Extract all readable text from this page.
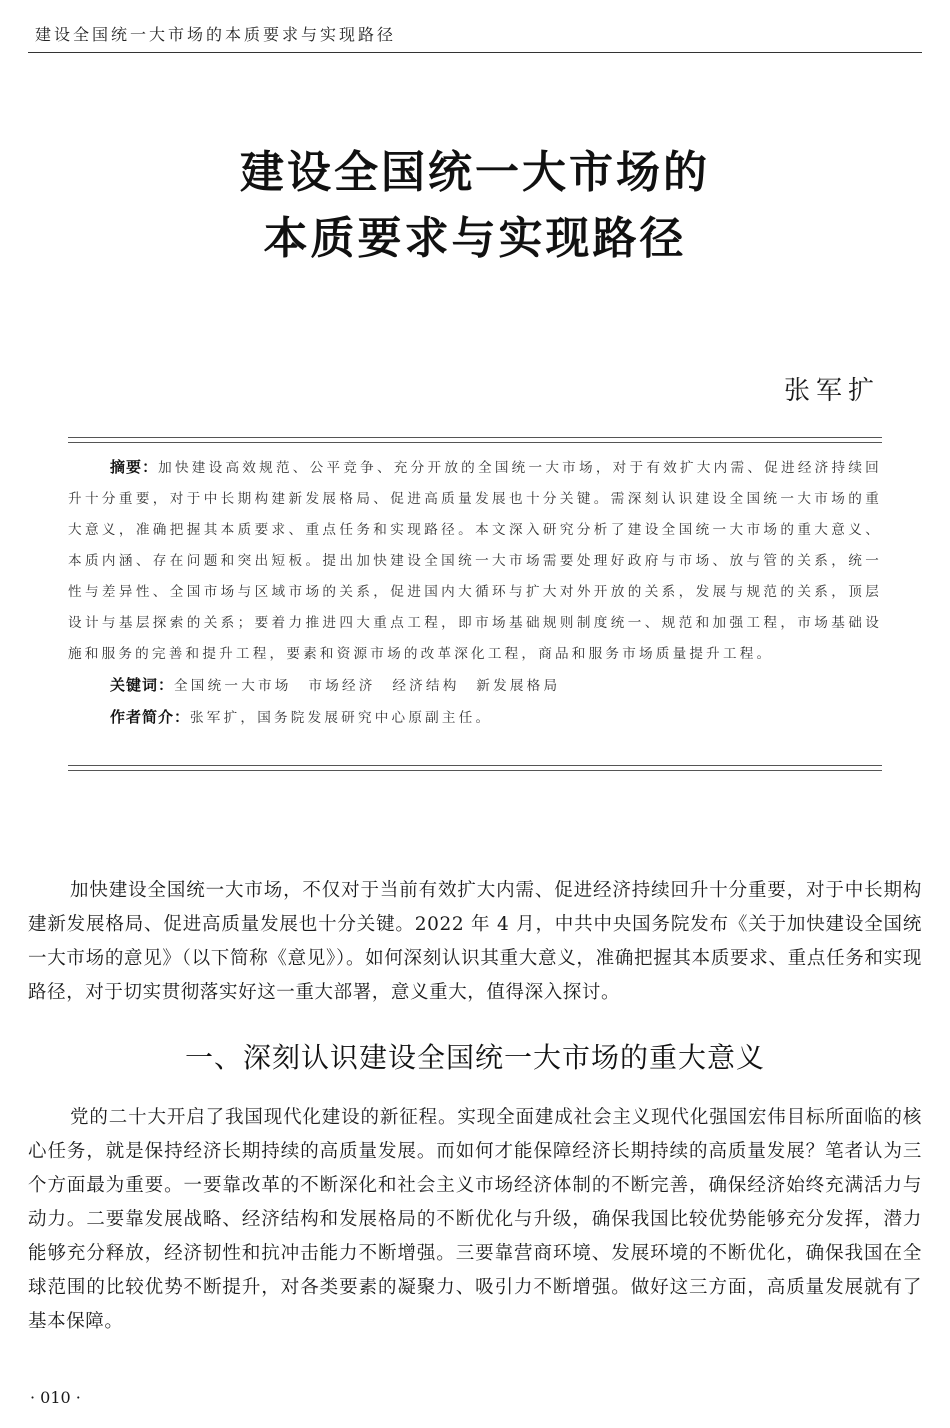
建设全国统一大市场的本质要求与实现路径
建设全国统一大市场的
本质要求与实现路径
张军扩

摘要：加快建设高效规范、公平竞争、充分开放的全国统一大市场，对于有效扩大内需、促进经济持续回升十分重要，对于中长期构建新发展格局、促进高质量发展也十分关键。需深刻认识建设全国统一大市场的重大意义，准确把握其本质要求、重点任务和实现路径。本文深入研究分析了建设全国统一大市场的重大意义、本质内涵、存在问题和突出短板。提出加快建设全国统一大市场需要处理好政府与市场、放与管的关系，统一性与差异性、全国市场与区域市场的关系，促进国内大循环与扩大对外开放的关系，发展与规范的关系，顶层设计与基层探索的关系；要着力推进四大重点工程，即市场基础规则制度统一、规范和加强工程，市场基础设施和服务的完善和提升工程，要素和资源市场的改革深化工程，商品和服务市场质量提升工程。

关键词：全国统一大市场　市场经济　经济结构　新发展格局

作者简介：张军扩，国务院发展研究中心原副主任。

加快建设全国统一大市场，不仅对于当前有效扩大内需、促进经济持续回升十分重要，对于中长期构建新发展格局、促进高质量发展也十分关键。2022 年 4 月，中共中央国务院发布《关于加快建设全国统一大市场的意见》（以下简称《意见》）。如何深刻认识其重大意义，准确把握其本质要求、重点任务和实现路径，对于切实贯彻落实好这一重大部署，意义重大，值得深入探讨。
一、深刻认识建设全国统一大市场的重大意义
党的二十大开启了我国现代化建设的新征程。实现全面建成社会主义现代化强国宏伟目标所面临的核心任务，就是保持经济长期持续的高质量发展。而如何才能保障经济长期持续的高质量发展？笔者认为三个方面最为重要。一要靠改革的不断深化和社会主义市场经济体制的不断完善，确保经济始终充满活力与动力。二要靠发展战略、经济结构和发展格局的不断优化与升级，确保我国比较优势能够充分发挥，潜力能够充分释放，经济韧性和抗冲击能力不断增强。三要靠营商环境、发展环境的不断优化，确保我国在全球范围的比较优势不断提升，对各类要素的凝聚力、吸引力不断增强。做好这三方面，高质量发展就有了基本保障。
· 010 ·
